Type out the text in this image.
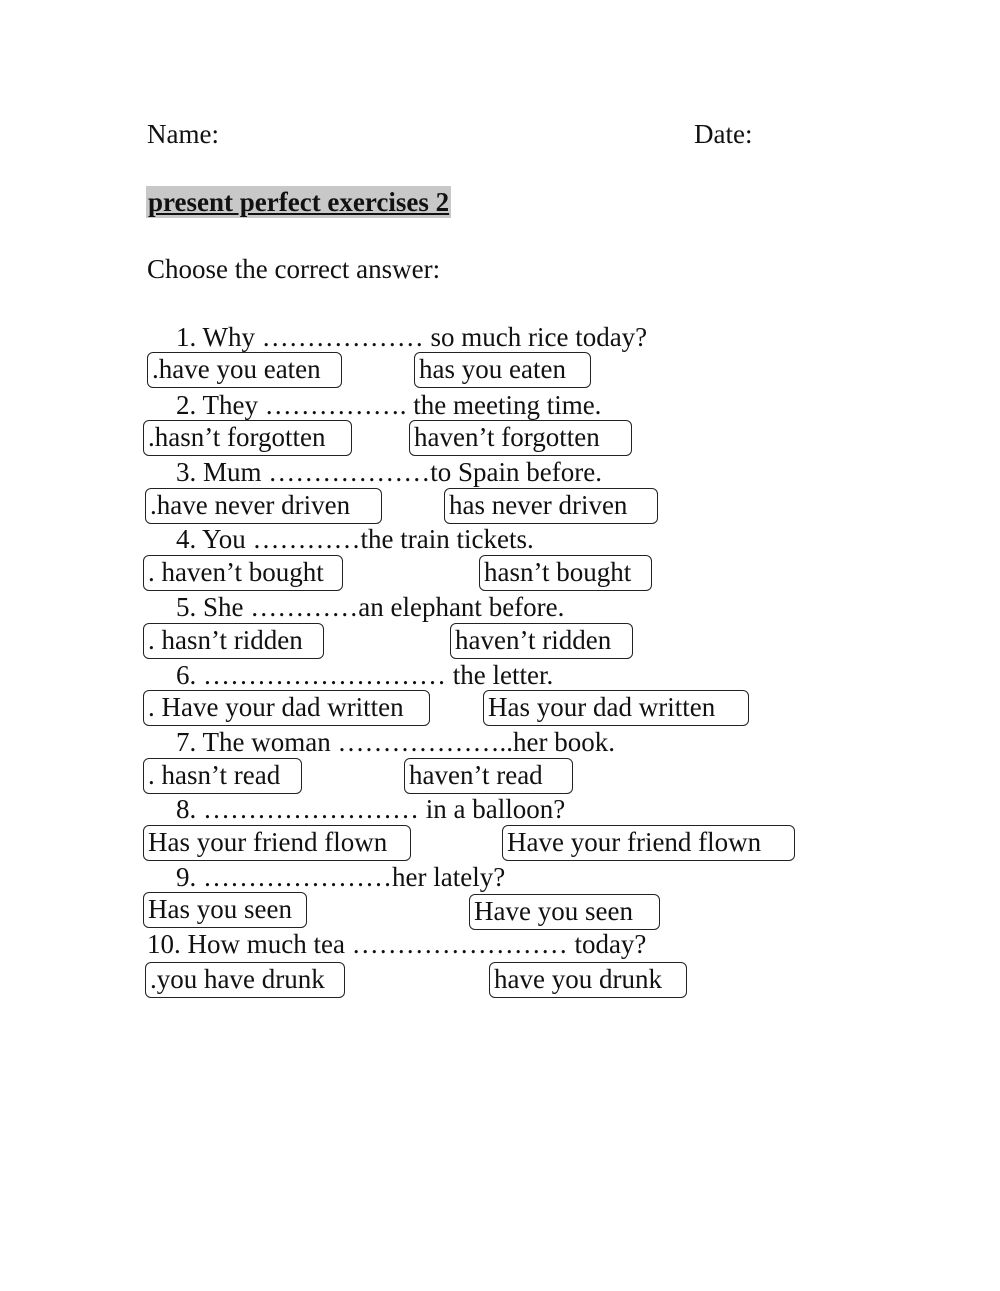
Name:	Date:
present perfect exercises 2
Choose the correct answer:
1. Why ……………… so much rice today?
.have you eaten	has you eaten
2. They ……………. the meeting time.
.hasn’t forgotten	haven’t forgotten
3. Mum ………………to Spain before.
.have never driven	has never driven
4. You …………the train tickets.
. haven’t bought	hasn’t bought
5. She …………an elephant before.
. hasn’t ridden	haven’t ridden
6. ……………………… the letter.
. Have your dad written	Has your dad written
7. The woman ………………..her book.
. hasn’t read	haven’t read
8. …………………… in a balloon?
Has your friend flown	Have your friend flown
9. …………………her lately?
Has you seen	Have you seen
10. How much tea …………………… today?
.you have drunk	have you drunk
